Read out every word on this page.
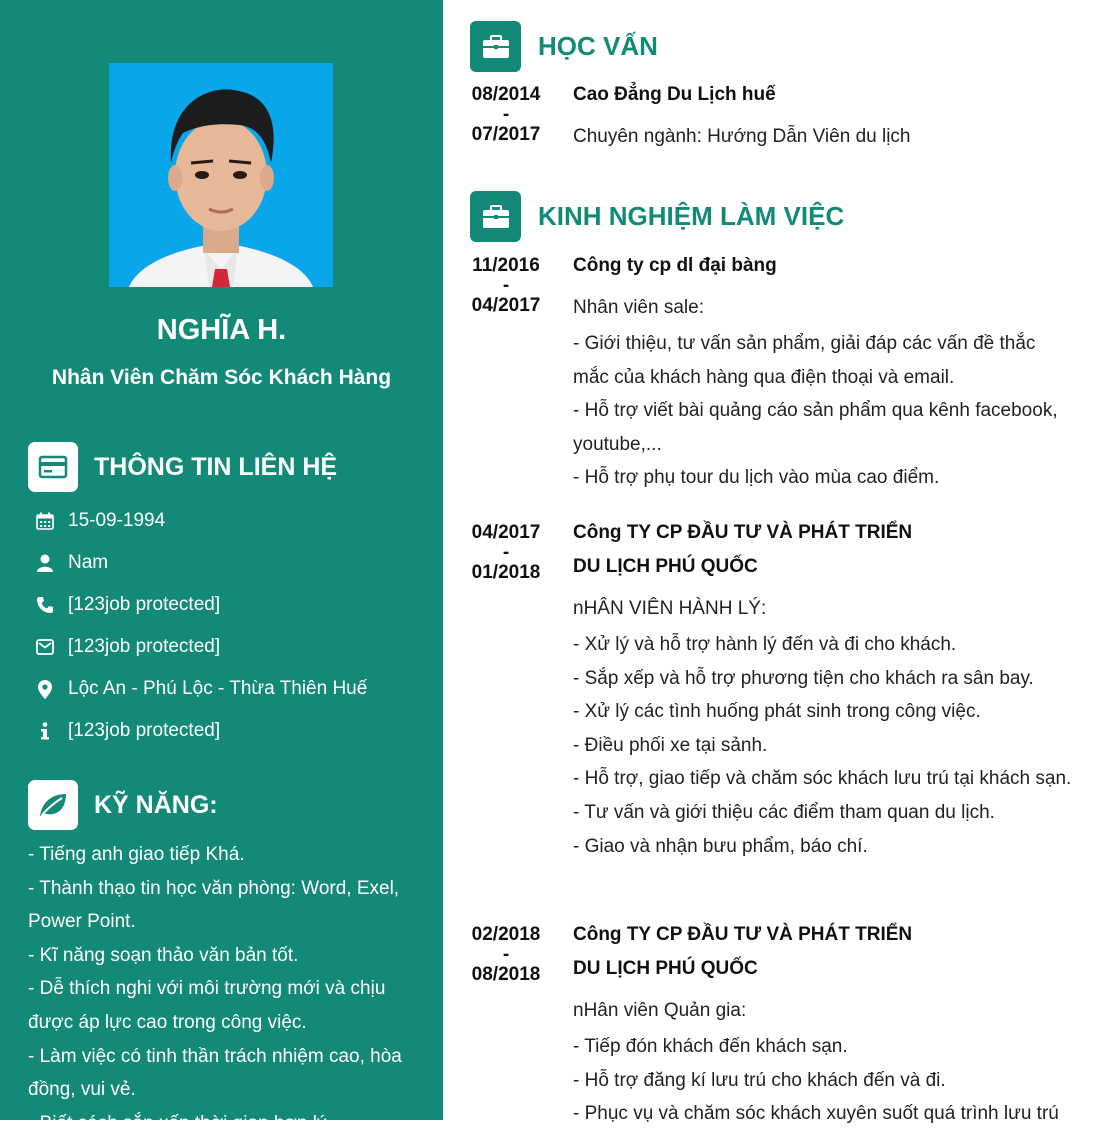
NGHĨA H.
Nhân Viên Chăm Sóc Khách Hàng
THÔNG TIN LIÊN HỆ
15-09-1994
Nam
[123job protected]
[123job protected]
Lộc An - Phú Lộc - Thừa Thiên Huế
[123job protected]
KỸ NĂNG:
- Tiếng anh giao tiếp Khá.
- Thành thạo tin học văn phòng: Word, Exel, Power Point.
- Kĩ năng soạn thảo văn bản tốt.
- Dễ thích nghi với môi trường mới và chịu được áp lực cao trong công việc.
- Làm việc có tinh thần trách nhiệm cao, hòa đồng, vui vẻ.
- Biết cách sắp xếp thời gian hợp lý.
HỌC VẤN
08/2014
-
07/2017
Cao Đẳng Du Lịch huế
Chuyên ngành: Hướng Dẫn Viên du lịch
KINH NGHIỆM LÀM VIỆC
11/2016
-
04/2017
Công ty cp dl đại bàng
Nhân viên sale:
- Giới thiệu, tư vấn sản phẩm, giải đáp các vấn đề thắc mắc của khách hàng qua điện thoại và email.
- Hỗ trợ viết bài quảng cáo sản phẩm qua kênh facebook, youtube,...
- Hỗ trợ phụ tour du lịch vào mùa cao điểm.
04/2017
-
01/2018
Công TY CP ĐẦU TƯ VÀ PHÁT TRIỂN DU LỊCH PHÚ QUỐC
nHÂN VIÊN HÀNH LÝ:
- Xử lý và hỗ trợ hành lý đến và đi cho khách.
- Sắp xếp và hỗ trợ phương tiện cho khách ra sân bay.
- Xử lý các tình huống phát sinh trong công việc.
- Điều phối xe tại sảnh.
- Hỗ trợ, giao tiếp và chăm sóc khách lưu trú tại khách sạn.
- Tư vấn và giới thiệu các điểm tham quan du lịch.
- Giao và nhận bưu phẩm, báo chí.
02/2018
-
08/2018
Công TY CP ĐẦU TƯ VÀ PHÁT TRIỂN DU LỊCH PHÚ QUỐC
nHân viên Quản gia:
- Tiếp đón khách đến khách sạn.
- Hỗ trợ đăng kí lưu trú cho khách đến và đi.
- Phục vụ và chăm sóc khách xuyên suốt quá trình lưu trú
